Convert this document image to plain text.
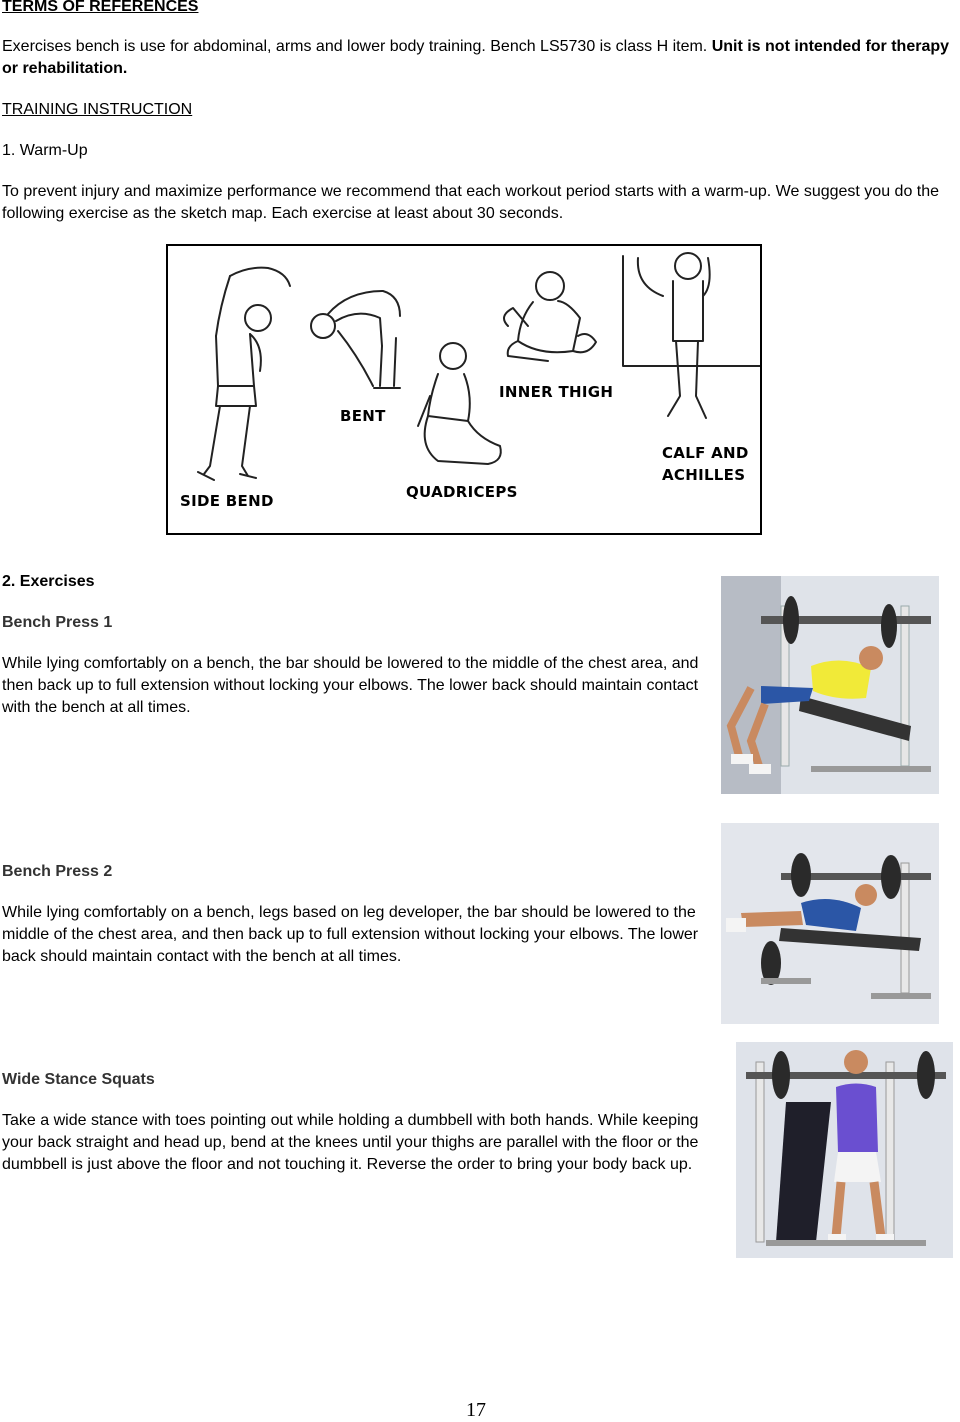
TERMS OF REFERENCES

Exercises bench is use for abdominal, arms and lower body training. Bench LS5730 is class H item. Unit is not intended for therapy or rehabilitation.

TRAINING INSTRUCTION
1. Warm-Up

To prevent injury and maximize performance we recommend that each workout period starts with a warm-up. We suggest you do the following exercise as the sketch map. Each exercise at least about 30 seconds.

SIDE BEND
BENT
QUADRICEPS
INNER THIGH
CALF AND
ACHILLES
2. Exercises
Bench Press 1

While lying comfortably on a bench, the bar should be lowered to the middle of the chest area, and then back up to full extension without locking your elbows. The lower back should maintain contact with the bench at all times.

Bench Press 2

While lying comfortably on a bench, legs based on leg developer, the bar should be lowered to the middle of the chest area, and then back up to full extension without locking your elbows. The lower back should maintain contact with the bench at all times.

Wide Stance Squats

Take a wide stance with toes pointing out while holding a dumbbell with both hands. While keeping your back straight and head up, bend at the knees until your thighs are parallel with the floor or the dumbbell is just above the floor and not touching it. Reverse the order to bring your body back up.

17
